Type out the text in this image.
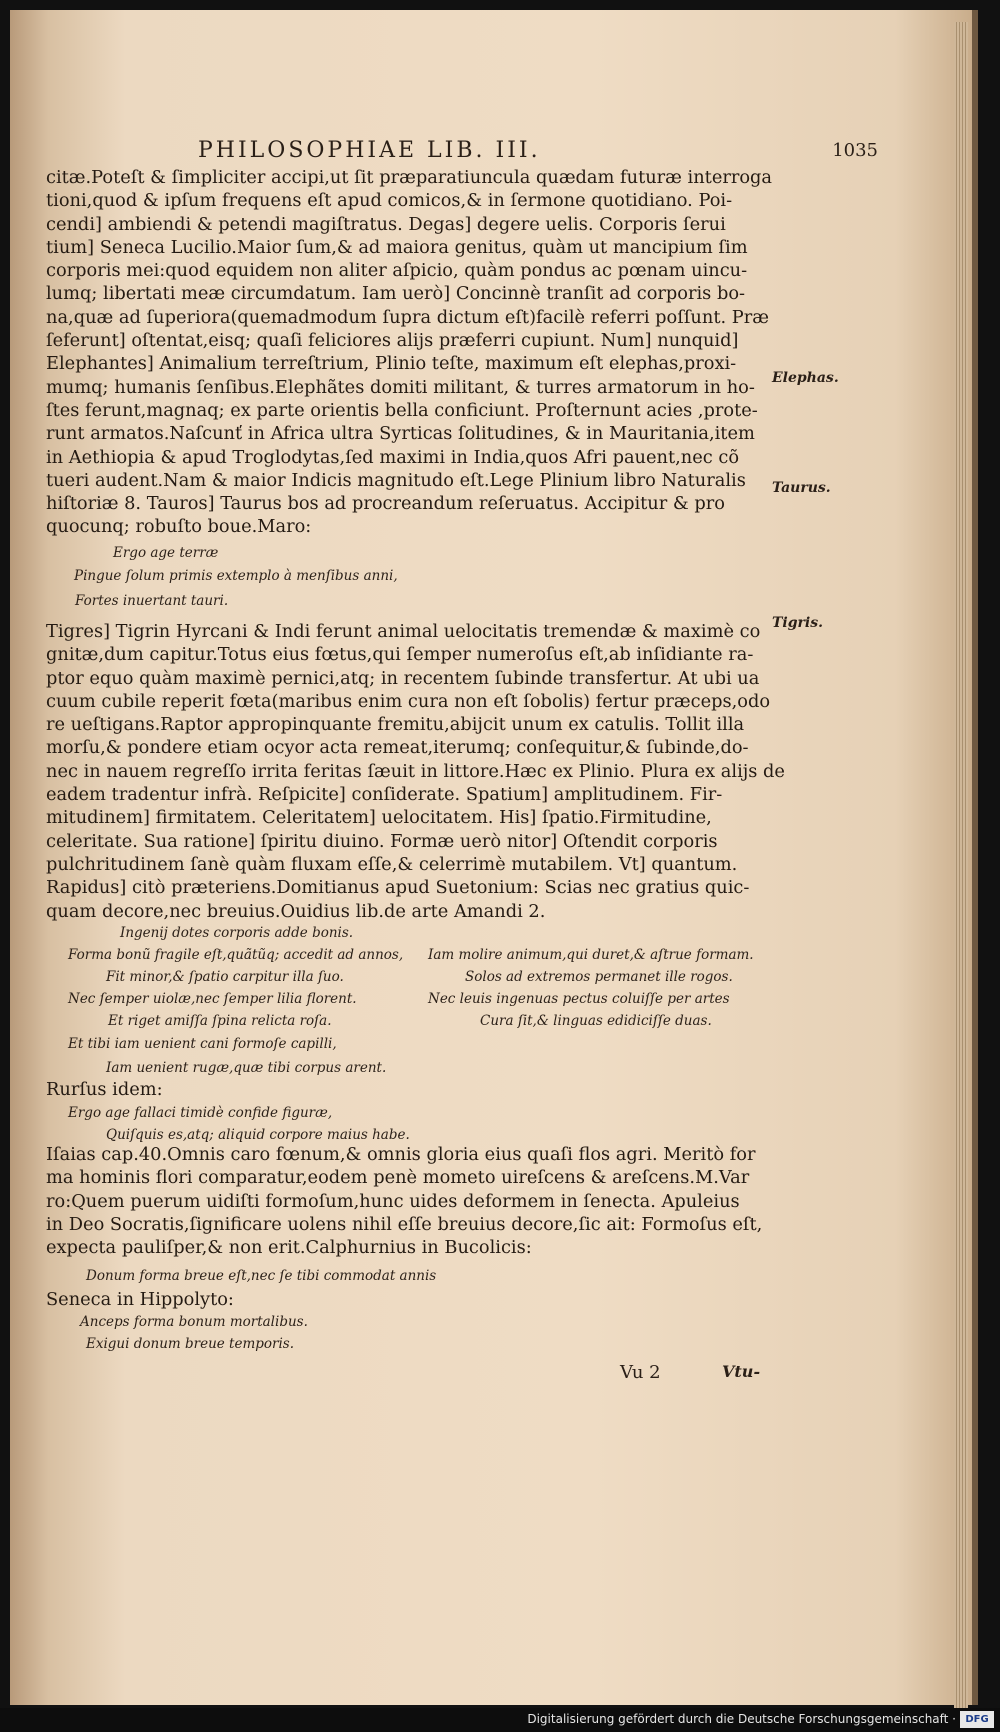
PHILOSOPHIAE LIB. III.	1035
citæ.Poteſt & ſimpliciter accipi,ut ſit præparatiuncula quædam futuræ interroga
tioni,quod & ipſum frequens eſt apud comicos,& in ſermone quotidiano. Poi-
cendi] ambiendi & petendi magiſtratus. Degas] degere uelis. Corporis ſerui
tium] Seneca Lucilio.Maior ſum,& ad maiora genitus, quàm ut mancipium ſim
corporis mei:quod equidem non aliter aſpicio, quàm pondus ac pœnam uincu-
lumq; libertati meæ circumdatum. Iam uerò] Concinnè tranſit ad corporis bo-
na,quæ ad ſuperiora(quemadmodum ſupra dictum eſt)facilè referri poſſunt. Præ
ſeferunt] oſtentat,eisq; quaſi feliciores alijs præferri cupiunt. Num] nunquid]
Elephantes] Animalium terreſtrium, Plinio teſte, maximum eſt elephas,proxi-
mumq; humanis ſenſibus.Elephãtes domiti militant, & turres armatorum in ho-
ſtes ferunt,magnaq; ex parte orientis bella conficiunt. Proſternunt acies ,prote-
runt armatos.Naſcunť in Africa ultra Syrticas ſolitudines, & in Mauritania,item
in Aethiopia & apud Troglodytas,ſed maximi in India,quos Afri pauent,nec cõ
tueri audent.Nam & maior Indicis magnitudo eſt.Lege Plinium libro Naturalis
hiſtoriæ 8. Tauros] Taurus bos ad procreandum reſeruatus. Accipitur & pro
quocunq; robuſto boue.Maro:
Ergo age terræ
Pingue ſolum primis extemplo à menſibus anni,
Fortes inuertant tauri.
Tigres] Tigrin Hyrcani & Indi ferunt animal uelocitatis tremendæ & maximè co
gnitæ,dum capitur.Totus eius fœtus,qui ſemper numeroſus eſt,ab inſidiante ra-
ptor equo quàm maximè pernici,atq; in recentem ſubinde transfertur. At ubi ua
cuum cubile reperit fœta(maribus enim cura non eſt ſobolis) fertur præceps,odo
re ueſtigans.Raptor appropinquante fremitu,abijcit unum ex catulis. Tollit illa
morſu,& pondere etiam ocyor acta remeat,iterumq; conſequitur,& ſubinde,do-
nec in nauem regreſſo irrita feritas ſæuit in littore.Hæc ex Plinio. Plura ex alijs de
eadem tradentur infrà. Reſpicite] conſiderate. Spatium] amplitudinem. Fir-
mitudinem] firmitatem. Celeritatem] uelocitatem. His] ſpatio.Firmitudine,
celeritate. Sua ratione] ſpiritu diuino. Formæ uerò nitor] Oſtendit corporis
pulchritudinem ſanè quàm fluxam eſſe,& celerrimè mutabilem. Vt] quantum.
Rapidus] citò præteriens.Domitianus apud Suetonium: Scias nec gratius quic-
quam decore,nec breuius.Ouidius lib.de arte Amandi 2.
Ingenij dotes corporis adde bonis.
Forma bonũ fragile eſt,quãtũq; accedit ad annos,
Fit minor,& ſpatio carpitur illa ſuo.
Nec ſemper uiolæ,nec ſemper lilia florent.
Et riget amiſſa ſpina relicta roſa.
Et tibi iam uenient cani formoſe capilli,
Iam uenient rugæ,quæ tibi corpus arent.
Iam molire animum,qui duret,& aſtrue formam.
Solos ad extremos permanet ille rogos.
Nec leuis ingenuas pectus coluiſſe per artes
Cura ſit,& linguas edidiciſſe duas.
Rurſus idem:
Ergo age fallaci timidè confide figuræ,
Quiſquis es,atq; aliquid corpore maius habe.
Iſaias cap.40.Omnis caro fœnum,& omnis gloria eius quaſi flos agri. Meritò for
ma hominis flori comparatur,eodem penè mometo uireſcens & areſcens.M.Var
ro:Quem puerum uidiſti formoſum,hunc uides deformem in ſenecta. Apuleius
in Deo Socratis,ſignificare uolens nihil eſſe breuius decore,ſic ait: Formoſus eſt,
expecta pauliſper,& non erit.Calphurnius in Bucolicis:
Donum forma breue eſt,nec ſe tibi commodat annis
Seneca in Hippolyto:
Anceps forma bonum mortalibus.
Exigui donum breue temporis.
Elephas.
Taurus.
Tigris.
Vu 2	Vtu-
Digitalisierung gefördert durch die Deutsche Forschungsgemeinschaft · DFG
